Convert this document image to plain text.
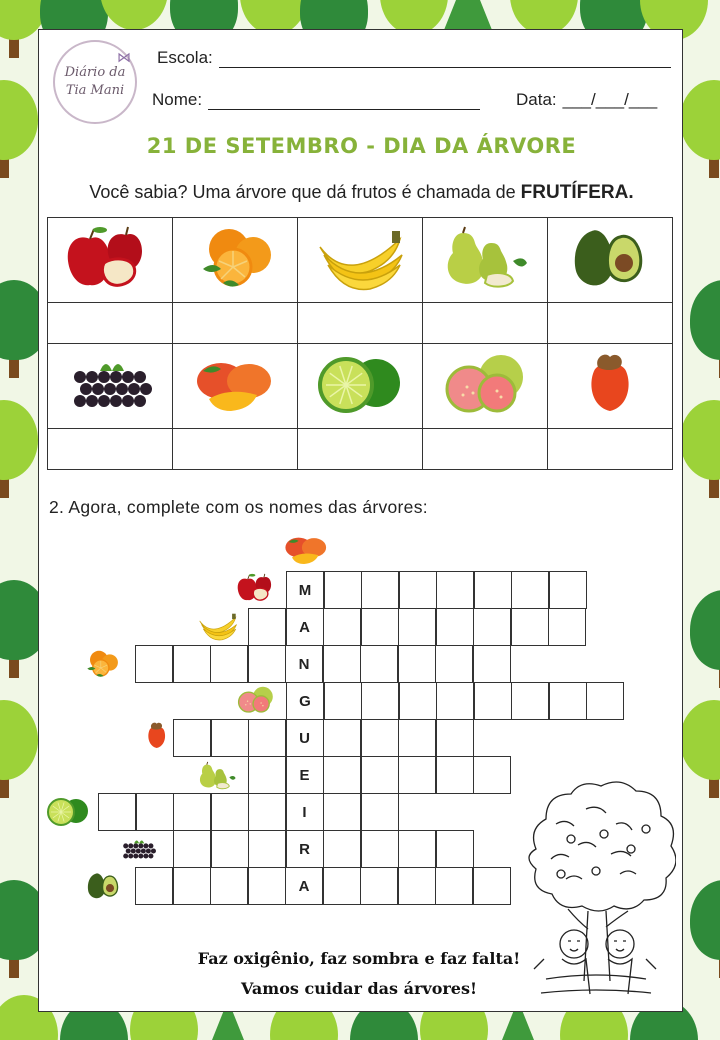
Diário da
Tia Mani
⋈ Escola:
Nome:	Data: ___/___/___
21 DE SETEMBRO - DIA DA ÁRVORE
Você sabia? Uma árvore que dá frutos é chamada de FRUTÍFERA.

2. Agora, complete com os nomes das árvores:
M
A
N
G
U
E
I
R
A
Faz oxigênio, faz sombra e faz falta!
Vamos cuidar das árvores!
